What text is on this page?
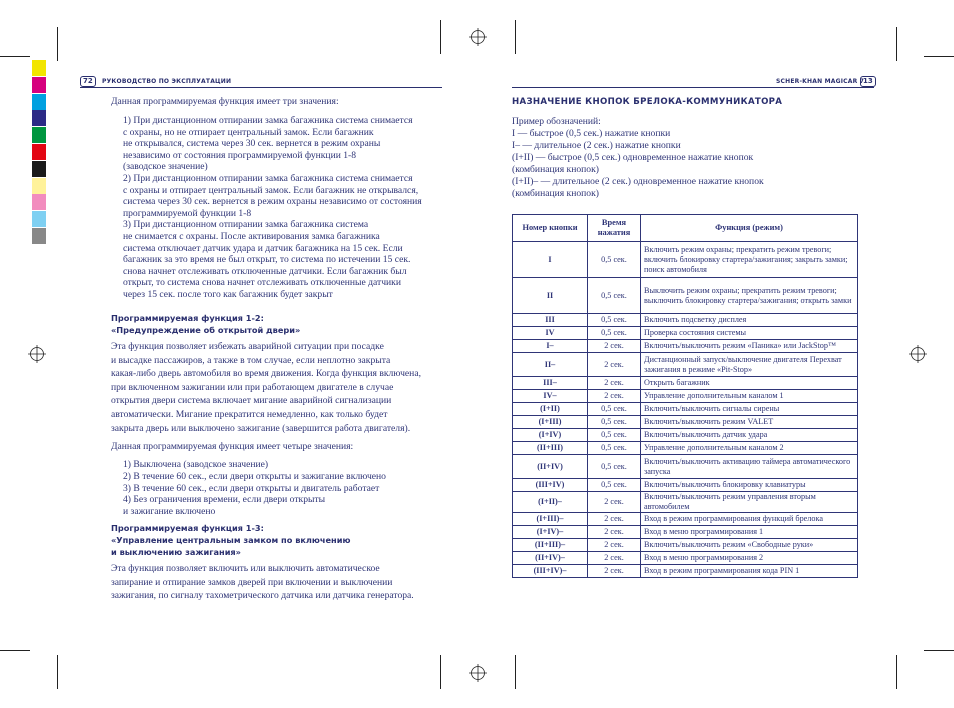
72	РУКОВОДСТВО ПО ЭКСПЛУАТАЦИИ
Данная программируемая функция имеет три значения:
1) При дистанционном отпирании замка багажника система снимается
с охраны, но не отпирает центральный замок. Если багажник
не открывался, система через 30 сек. вернется в режим охраны
независимо от состояния программируемой функции 1-8
(заводское значение)
2) При дистанционном отпирании замка багажника система снимается
с охраны и отпирает центральный замок. Если багажник не открывался,
система через 30 сек. вернется в режим охраны независимо от состояния
программируемой функции 1-8
3) При дистанционном отпирании замка багажника система
не снимается с охраны. После активирования замка багажника
система отключает датчик удара и датчик багажника на 15 сек. Если
багажник за это время не был открыт, то система по истечении 15 сек.
снова начнет отслеживать отключенные датчики. Если багажник был
открыт, то система снова начнет отслеживать отключенные датчики
через 15 сек. после того как багажник будет закрыт
Программируемая функция 1-2:
«Предупреждение об открытой двери»
Эта функция позволяет избежать аварийной ситуации при посадке
и высадке пассажиров, а также в том случае, если неплотно закрыта
какая-либо дверь автомобиля во время движения. Когда функция включена,
при включенном зажигании или при работающем двигателе в случае
открытия двери система включает мигание аварийной сигнализации
автоматически. Мигание прекратится немедленно, как только будет
закрыта дверь или выключено зажигание (завершится работа двигателя).
Данная программируемая функция имеет четыре значения:
1) Выключена (заводское значение)
2) В течение 60 сек., если двери открыты и зажигание включено
3) В течение 60 сек., если двери открыты и двигатель работает
4) Без ограничения времени, если двери открыты
и зажигание включено
Программируемая функция 1-3:
«Управление центральным замком по включению
и выключению зажигания»
Эта функция позволяет включить или выключить автоматическое
запирание и отпирание замков дверей при включении и выключении
зажигания, по сигналу тахометрического датчика или датчика генератора.
SCHER-KHAN MAGICAR 7
13
НАЗНАЧЕНИЕ КНОПОК БРЕЛОКА-КОММУНИКАТОРА
Пример обозначений:
I — быстрое (0,5 сек.) нажатие кнопки
I– — длительное (2 сек.) нажатие кнопки
(I+II) — быстрое (0,5 сек.) одновременное нажатие кнопок
(комбинация кнопок)
(I+II)– — длительное (2 сек.) одновременное нажатие кнопок
(комбинация кнопок)
Номер кнопки	Время нажатия	Функция (режим)
I	0,5 сек.	Включить режим охраны; прекратить режим тревоги; включить блокировку стартера/зажигания; закрыть замки; поиск автомобиля
II	0,5 сек.	Выключить режим охраны; прекратить режим тревоги; выключить блокировку стартера/зажигания; открыть замки
III	0,5 сек.	Включить подсветку дисплея
IV	0,5 сек.	Проверка состояния системы
I–	2 сек.	Включить/выключить режим «Паника» или JackStop™
II–	2 сек.	Дистанционный запуск/выключение двигателя Перехват зажигания в режиме «Pit-Stop»
III–	2 сек.	Открыть багажник
IV–	2 сек.	Управление дополнительным каналом 1
(I+II)	0,5 сек.	Включить/выключить сигналы сирены
(I+III)	0,5 сек.	Включить/выключить режим VALET
(I+IV)	0,5 сек.	Включить/выключить датчик удара
(II+III)	0,5 сек.	Управление дополнительным каналом 2
(II+IV)	0,5 сек.	Включить/выключить активацию таймера автоматического запуска
(III+IV)	0,5 сек.	Включить/выключить блокировку клавиатуры
(I+II)–	2 сек.	Включить/выключить режим управления вторым автомобилем
(I+III)–	2 сек.	Вход в режим программирования функций брелока
(I+IV)–	2 сек.	Вход в меню программирования 1
(II+III)–	2 сек.	Включить/выключить режим «Свободные руки»
(II+IV)–	2 сек.	Вход в меню программирования 2
(III+IV)–	2 сек.	Вход в режим программирования кода PIN 1
